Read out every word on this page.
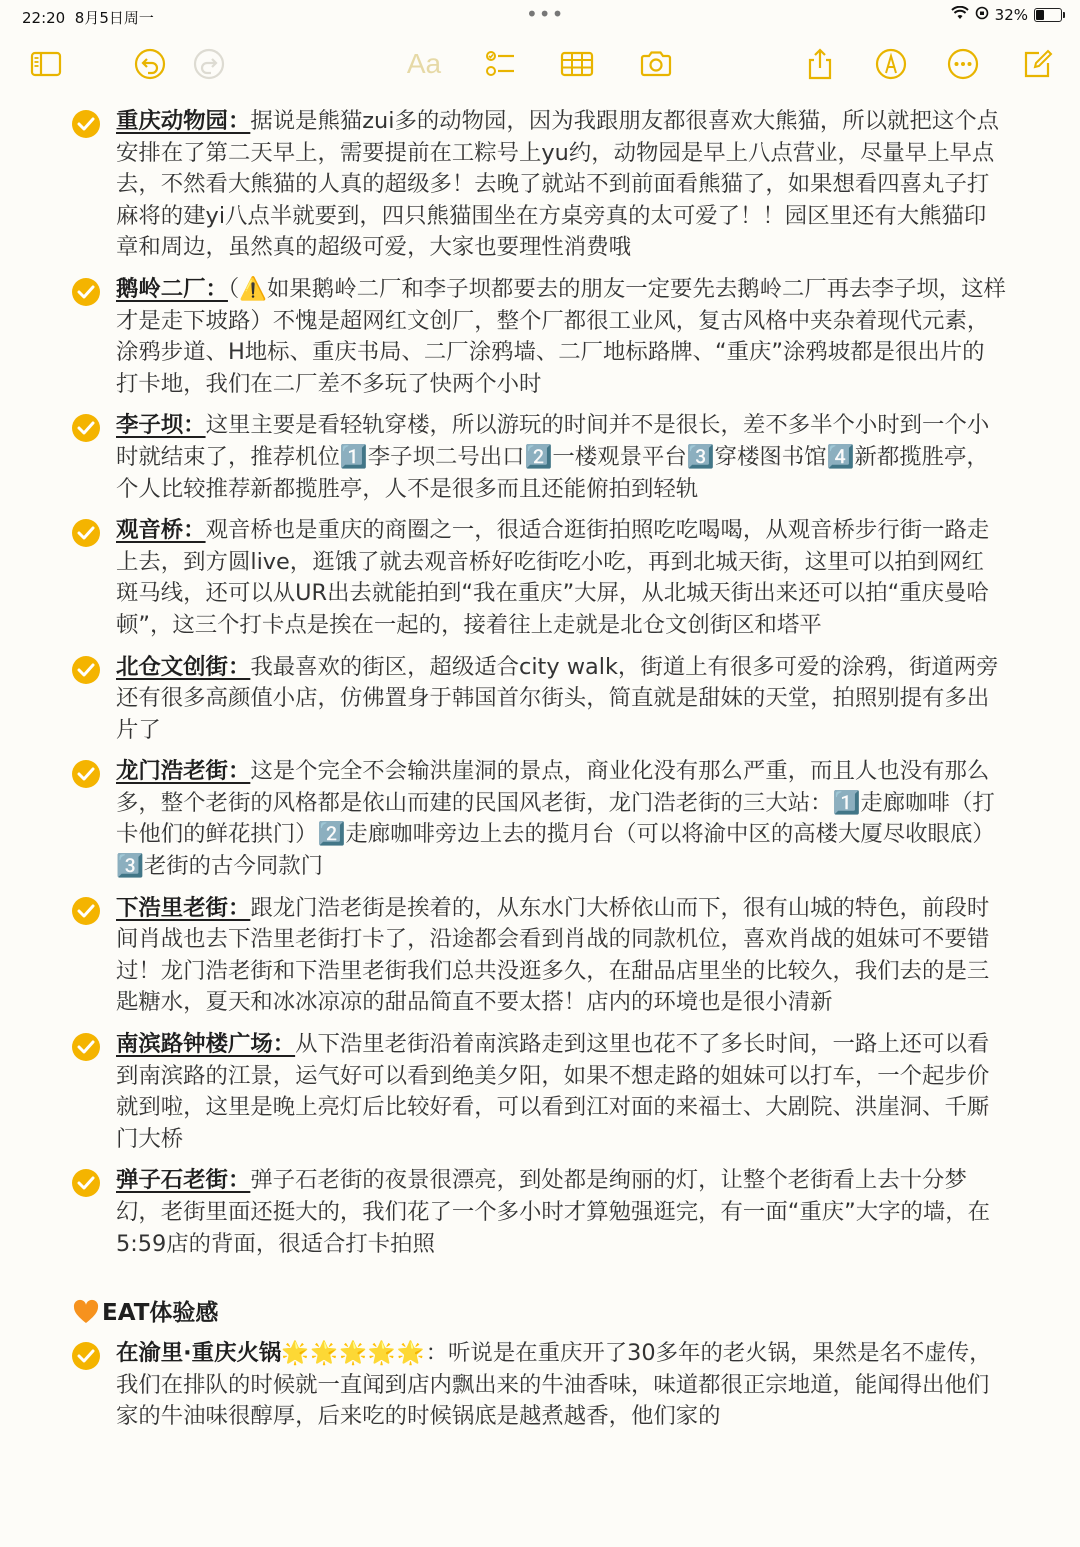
22:20 8月5日周一	•••	32%
Aa
重庆动物园：据说是熊猫zui多的动物园，因为我跟朋友都很喜欢大熊猫，所以就把这个点安排在了第二天早上，需要提前在工粽号上yu约，动物园是早上八点营业，尽量早上早点去，不然看大熊猫的人真的超级多！去晚了就站不到前面看熊猫了，如果想看四喜丸子打麻将的建yi八点半就要到，四只熊猫围坐在方桌旁真的太可爱了！！园区里还有大熊猫印章和周边，虽然真的超级可爱，大家也要理性消费哦
鹅岭二厂：（⚠️如果鹅岭二厂和李子坝都要去的朋友一定要先去鹅岭二厂再去李子坝，这样才是走下坡路）不愧是超网红文创厂，整个厂都很工业风，复古风格中夹杂着现代元素，涂鸦步道、H地标、重庆书局、二厂涂鸦墙、二厂地标路牌、“重庆”涂鸦坡都是很出片的打卡地，我们在二厂差不多玩了快两个小时
李子坝：这里主要是看轻轨穿楼，所以游玩的时间并不是很长，差不多半个小时到一个小时就结束了，推荐机位1️⃣李子坝二号出口2️⃣一楼观景平台3️⃣穿楼图书馆4️⃣新都揽胜亭，个人比较推荐新都揽胜亭，人不是很多而且还能俯拍到轻轨
观音桥：观音桥也是重庆的商圈之一，很适合逛街拍照吃吃喝喝，从观音桥步行街一路走上去，到方圆live，逛饿了就去观音桥好吃街吃小吃，再到北城天街，这里可以拍到网红斑马线，还可以从UR出去就能拍到“我在重庆”大屏，从北城天街出来还可以拍“重庆曼哈顿”，这三个打卡点是挨在一起的，接着往上走就是北仓文创街区和塔平
北仓文创街：我最喜欢的街区，超级适合city walk，街道上有很多可爱的涂鸦，街道两旁还有很多高颜值小店，仿佛置身于韩国首尔街头，简直就是甜妹的天堂，拍照别提有多出片了
龙门浩老街：这是个完全不会输洪崖洞的景点，商业化没有那么严重，而且人也没有那么多，整个老街的风格都是依山而建的民国风老街，龙门浩老街的三大站：1️⃣走廊咖啡（打卡他们的鲜花拱门）2️⃣走廊咖啡旁边上去的揽月台（可以将渝中区的高楼大厦尽收眼底）3️⃣老街的古今同款门
下浩里老街：跟龙门浩老街是挨着的，从东水门大桥依山而下，很有山城的特色，前段时间肖战也去下浩里老街打卡了，沿途都会看到肖战的同款机位，喜欢肖战的姐妹可不要错过！龙门浩老街和下浩里老街我们总共没逛多久，在甜品店里坐的比较久，我们去的是三匙糖水，夏天和冰冰凉凉的甜品简直不要太搭！店内的环境也是很小清新
南滨路钟楼广场：从下浩里老街沿着南滨路走到这里也花不了多长时间，一路上还可以看到南滨路的江景，运气好可以看到绝美夕阳，如果不想走路的姐妹可以打车，一个起步价就到啦，这里是晚上亮灯后比较好看，可以看到江对面的来福士、大剧院、洪崖洞、千厮门大桥
弹子石老街：弹子石老街的夜景很漂亮，到处都是绚丽的灯，让整个老街看上去十分梦幻，老街里面还挺大的，我们花了一个多小时才算勉强逛完，有一面“重庆”大字的墙，在5:59店的背面，很适合打卡拍照
EAT体验感
在渝里·重庆火锅🌟🌟🌟🌟🌟：听说是在重庆开了30多年的老火锅，果然是名不虚传，我们在排队的时候就一直闻到店内飘出来的牛油香味，味道都很正宗地道，能闻得出他们家的牛油味很醇厚，后来吃的时候锅底是越煮越香，他们家的
